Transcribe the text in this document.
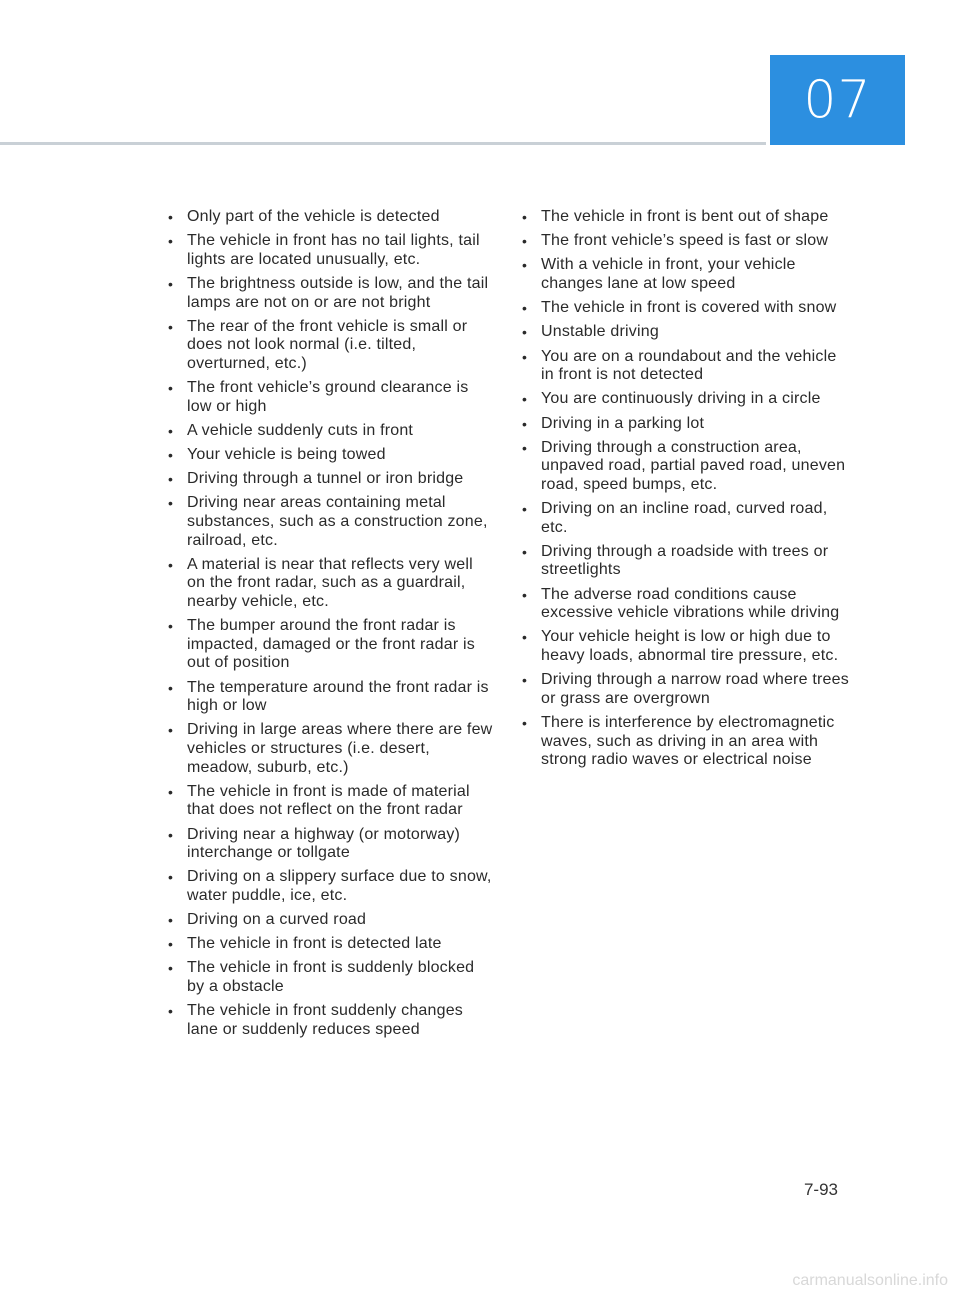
07
• Only part of the vehicle is detected
• The vehicle in front has no tail lights, tail lights are located unusually, etc.
• The brightness outside is low, and the tail lamps are not on or are not bright
• The rear of the front vehicle is small or does not look normal (i.e. tilted, overturned, etc.)
• The front vehicle’s ground clearance is low or high
• A vehicle suddenly cuts in front
• Your vehicle is being towed
• Driving through a tunnel or iron bridge
• Driving near areas containing metal substances, such as a construction zone, railroad, etc.
• A material is near that reflects very well on the front radar, such as a guardrail, nearby vehicle, etc.
• The bumper around the front radar is impacted, damaged or the front radar is out of position
• The temperature around the front radar is high or low
• Driving in large areas where there are few vehicles or structures (i.e. desert, meadow, suburb, etc.)
• The vehicle in front is made of material that does not reflect on the front radar
• Driving near a highway (or motorway) interchange or tollgate
• Driving on a slippery surface due to snow, water puddle, ice, etc.
• Driving on a curved road
• The vehicle in front is detected late
• The vehicle in front is suddenly blocked by a obstacle
• The vehicle in front suddenly changes lane or suddenly reduces speed
• The vehicle in front is bent out of shape
• The front vehicle’s speed is fast or slow
• With a vehicle in front, your vehicle changes lane at low speed
• The vehicle in front is covered with snow
• Unstable driving
• You are on a roundabout and the vehicle in front is not detected
• You are continuously driving in a circle
• Driving in a parking lot
• Driving through a construction area, unpaved road, partial paved road, uneven road, speed bumps, etc.
• Driving on an incline road, curved road, etc.
• Driving through a roadside with trees or streetlights
• The adverse road conditions cause excessive vehicle vibrations while driving
• Your vehicle height is low or high due to heavy loads, abnormal tire pressure, etc.
• Driving through a narrow road where trees or grass are overgrown
• There is interference by electromagnetic waves, such as driving in an area with strong radio waves or electrical noise
7-93
carmanualsonline.info
